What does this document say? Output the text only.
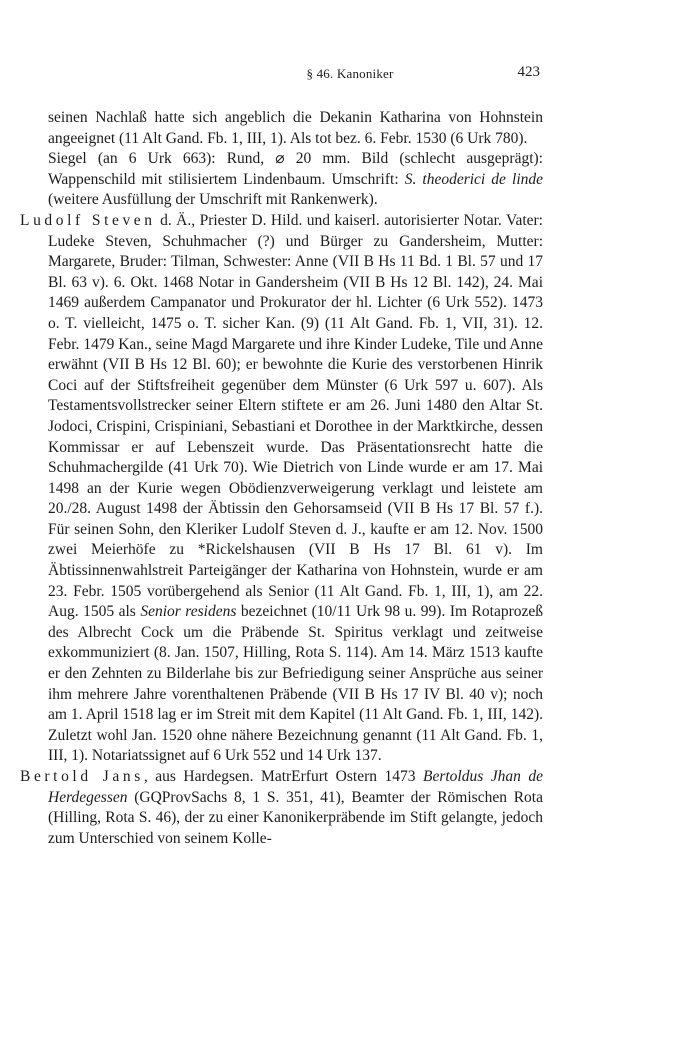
§ 46. Kanoniker	423

seinen Nachlaß hatte sich angeblich die Dekanin Katharina von Hohnstein angeeignet (11 Alt Gand. Fb. 1, III, 1). Als tot bez. 6. Febr. 1530 (6 Urk 780).

Siegel (an 6 Urk 663): Rund, ⌀ 20 mm. Bild (schlecht ausgeprägt): Wappenschild mit stilisiertem Lindenbaum. Umschrift: S. theoderici de linde (weitere Ausfüllung der Umschrift mit Rankenwerk).

Ludolf Steven d. Ä., Priester D. Hild. und kaiserl. autorisierter Notar. Vater: Ludeke Steven, Schuhmacher (?) und Bürger zu Gandersheim, Mutter: Margarete, Bruder: Tilman, Schwester: Anne (VII B Hs 11 Bd. 1 Bl. 57 und 17 Bl. 63 v). 6. Okt. 1468 Notar in Gandersheim (VII B Hs 12 Bl. 142), 24. Mai 1469 außerdem Campanator und Prokurator der hl. Lichter (6 Urk 552). 1473 o. T. vielleicht, 1475 o. T. sicher Kan. (9) (11 Alt Gand. Fb. 1, VII, 31). 12. Febr. 1479 Kan., seine Magd Margarete und ihre Kinder Ludeke, Tile und Anne erwähnt (VII B Hs 12 Bl. 60); er bewohnte die Kurie des verstorbenen Hinrik Coci auf der Stiftsfreiheit gegenüber dem Münster (6 Urk 597 u. 607). Als Testamentsvollstrecker seiner Eltern stiftete er am 26. Juni 1480 den Altar St. Jodoci, Crispini, Crispiniani, Sebastiani et Dorothee in der Marktkirche, dessen Kommissar er auf Lebenszeit wurde. Das Präsentationsrecht hatte die Schuhmachergilde (41 Urk 70). Wie Dietrich von Linde wurde er am 17. Mai 1498 an der Kurie wegen Obödienzverweigerung verklagt und leistete am 20./28. August 1498 der Äbtissin den Gehorsamseid (VII B Hs 17 Bl. 57 f.). Für seinen Sohn, den Kleriker Ludolf Steven d. J., kaufte er am 12. Nov. 1500 zwei Meierhöfe zu *Rickelshausen (VII B Hs 17 Bl. 61 v). Im Äbtissinnenwahlstreit Parteigänger der Katharina von Hohnstein, wurde er am 23. Febr. 1505 vorübergehend als Senior (11 Alt Gand. Fb. 1, III, 1), am 22. Aug. 1505 als Senior residens bezeichnet (10/11 Urk 98 u. 99). Im Rotaprozeß des Albrecht Cock um die Präbende St. Spiritus verklagt und zeitweise exkommuniziert (8. Jan. 1507, Hilling, Rota S. 114). Am 14. März 1513 kaufte er den Zehnten zu Bilderlahe bis zur Befriedigung seiner Ansprüche aus seiner ihm mehrere Jahre vorenthaltenen Präbende (VII B Hs 17 IV Bl. 40 v); noch am 1. April 1518 lag er im Streit mit dem Kapitel (11 Alt Gand. Fb. 1, III, 142). Zuletzt wohl Jan. 1520 ohne nähere Bezeichnung genannt (11 Alt Gand. Fb. 1, III, 1). Notariatssignet auf 6 Urk 552 und 14 Urk 137.

Bertold Jans, aus Hardegsen. MatrErfurt Ostern 1473 Bertoldus Jhan de Herdegessen (GQProvSachs 8, 1 S. 351, 41), Beamter der Römischen Rota (Hilling, Rota S. 46), der zu einer Kanonikerpräbende im Stift gelangte, jedoch zum Unterschied von seinem Kolle-
